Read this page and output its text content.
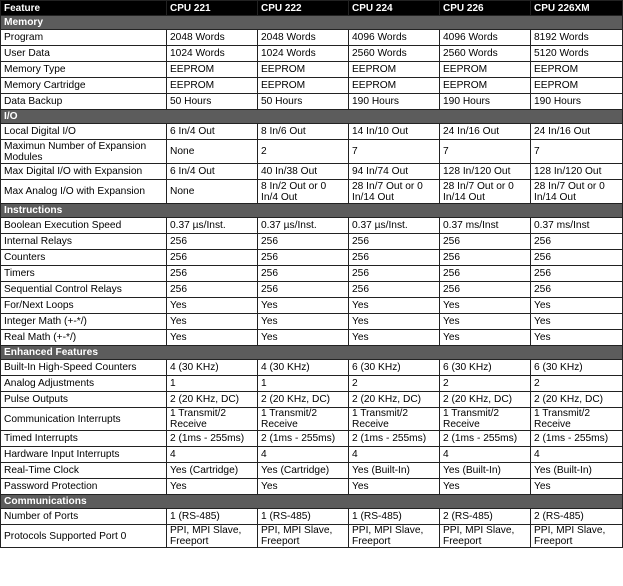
Feature	CPU 221	CPU 222	CPU 224	CPU 226	CPU 226XM
Memory					
Program	2048 Words	2048 Words	4096 Words	4096 Words	8192 Words
User Data	1024 Words	1024 Words	2560 Words	2560 Words	5120 Words
Memory Type	EEPROM	EEPROM	EEPROM	EEPROM	EEPROM
Memory Cartridge	EEPROM	EEPROM	EEPROM	EEPROM	EEPROM
Data Backup	50 Hours	50 Hours	190 Hours	190 Hours	190 Hours
I/O					
Local Digital I/O	6 In/4 Out	8 In/6 Out	14 In/10 Out	24 In/16 Out	24 In/16 Out
Maximun Number of Expansion Modules	None	2	7	7	7
Max Digital I/O with Expansion	6 In/4 Out	40 In/38 Out	94 In/74 Out	128 In/120 Out	128 In/120 Out
Max Analog I/O with Expansion	None	8 In/2 Out or 0 In/4 Out	28 In/7 Out or 0 In/14 Out	28 In/7 Out or 0 In/14 Out	28 In/7 Out or 0 In/14 Out
Instructions					
Boolean Execution Speed	0.37 µs/Inst.	0.37 µs/Inst.	0.37 µs/Inst.	0.37 ms/Inst	0.37 ms/Inst
Internal Relays	256	256	256	256	256
Counters	256	256	256	256	256
Timers	256	256	256	256	256
Sequential Control Relays	256	256	256	256	256
For/Next Loops	Yes	Yes	Yes	Yes	Yes
Integer Math (+-*/)	Yes	Yes	Yes	Yes	Yes
Real Math (+-*/)	Yes	Yes	Yes	Yes	Yes
Enhanced Features					
Built-In High-Speed Counters	4 (30 KHz)	4 (30 KHz)	6 (30 KHz)	6 (30 KHz)	6 (30 KHz)
Analog Adjustments	1	1	2	2	2
Pulse Outputs	2 (20 KHz, DC)	2 (20 KHz, DC)	2 (20 KHz, DC)	2 (20 KHz, DC)	2 (20 KHz, DC)
Communication Interrupts	1 Transmit/2 Receive	1 Transmit/2 Receive	1 Transmit/2 Receive	1 Transmit/2 Receive	1 Transmit/2 Receive
Timed Interrupts	2 (1ms - 255ms)	2 (1ms - 255ms)	2 (1ms - 255ms)	2 (1ms - 255ms)	2 (1ms - 255ms)
Hardware Input Interrupts	4	4	4	4	4
Real-Time Clock	Yes (Cartridge)	Yes (Cartridge)	Yes (Built-In)	Yes (Built-In)	Yes (Built-In)
Password Protection	Yes	Yes	Yes	Yes	Yes
Communications					
Number of Ports	1 (RS-485)	1 (RS-485)	1 (RS-485)	2 (RS-485)	2 (RS-485)
Protocols Supported Port 0	PPI, MPI Slave, Freeport	PPI, MPI Slave, Freeport	PPI, MPI Slave, Freeport	PPI, MPI Slave, Freeport	PPI, MPI Slave, Freeport
